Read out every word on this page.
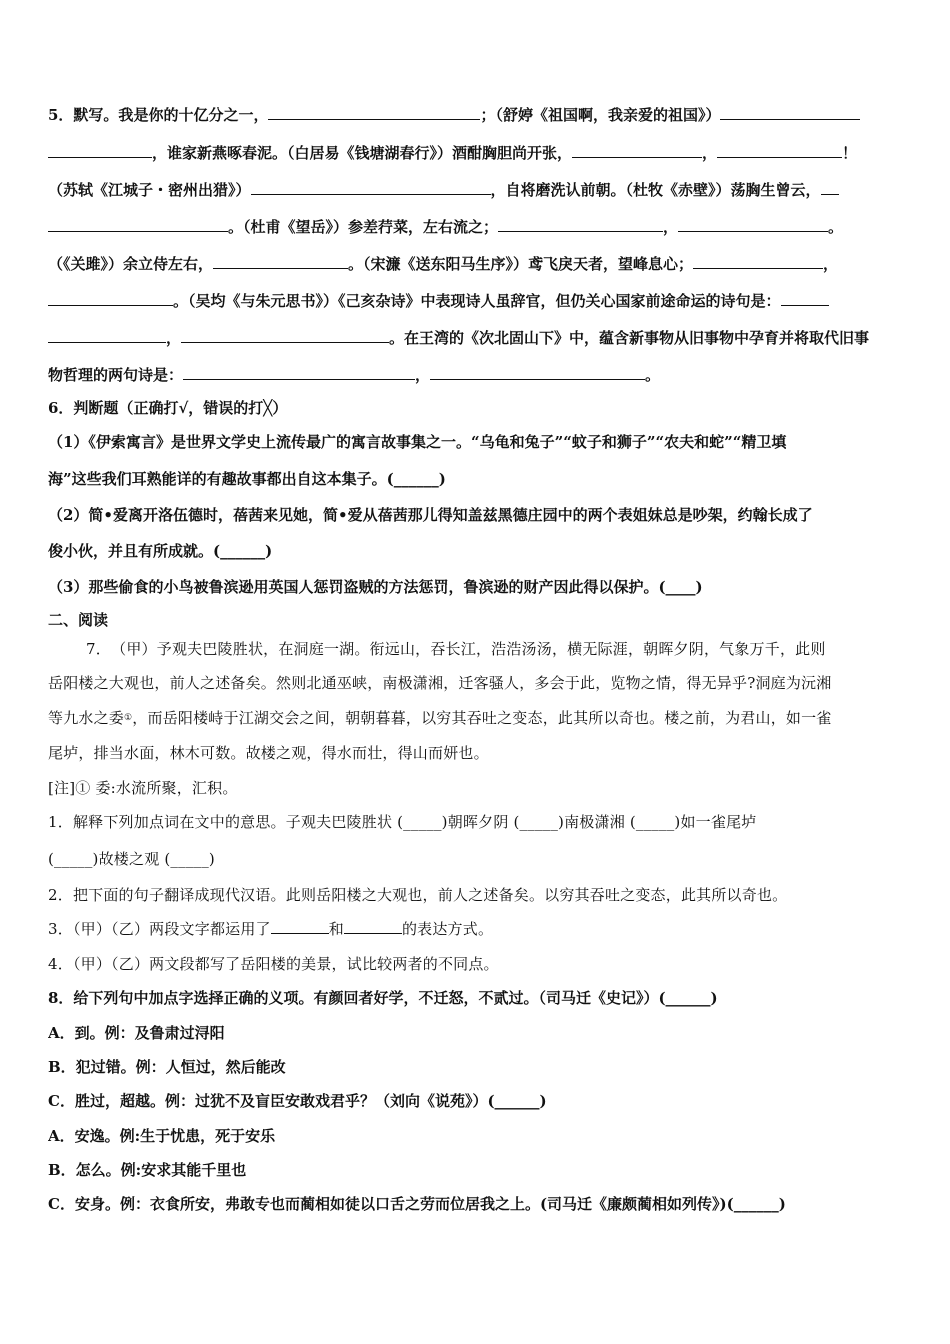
5．默写。我是你的十亿分之一，	；（舒婷《祖国啊，我亲爱的祖国》）
，谁家新燕啄春泥。（白居易《钱塘湖春行》）酒酣胸胆尚开张，	，	！
（苏轼《江城子・密州出猎》）	，自将磨洗认前朝。（杜牧《赤壁》）荡胸生曾云，
。（杜甫《望岳》）参差荇菜，左右流之；	，	。
（《关雎》）余立侍左右，	。（宋濂《送东阳马生序》）鸢飞戾天者，望峰息心；	，
。（吴均《与朱元思书》）《己亥杂诗》中表现诗人虽辞官，但仍关心国家前途命运的诗句是：
，	。在王湾的《次北固山下》中，蕴含新事物从旧事物中孕育并将取代旧事
物哲理的两句诗是：	，	。
6．判断题（正确打√，错误的打╳）
（1）《伊索寓言》是世界文学史上流传最广的寓言故事集之一。“乌龟和兔子”“蚊子和狮子”“农夫和蛇”“精卫填
海”这些我们耳熟能详的有趣故事都出自这本集子。(______)
（2）简•爱离开洛伍德时，蓓茜来见她，简•爱从蓓茜那儿得知盖兹黑德庄园中的两个表姐妹总是吵架，约翰长成了
俊小伙，并且有所成就。(______)
（3）那些偷食的小鸟被鲁滨逊用英国人惩罚盗贼的方法惩罚，鲁滨逊的财产因此得以保护。(____)
二、阅读
7．　（甲）予观夫巴陵胜状，在洞庭一湖。衔远山，吞长江，浩浩汤汤，横无际涯，朝晖夕阴，气象万千，此则
岳阳楼之大观也，前人之述备矣。然则北通巫峡，南极潇湘，迁客骚人，多会于此，览物之情，得无异乎?洞庭为沅湘
等九水之委①，而岳阳楼峙于江湖交会之间，朝朝暮暮，以穷其吞吐之变态，此其所以奇也。楼之前，为君山，如一雀
尾垆，排当水面，林木可数。故楼之观，得水而壮，得山而妍也。
[注]① 委:水流所聚，汇积。
1．解释下列加点词在文中的意思。子观夫巴陵胜状 (_____)朝晖夕阴 (_____)南极潇湘 (_____)如一雀尾垆
(_____)故楼之观 (_____)
2．把下面的句子翻译成现代汉语。此则岳阳楼之大观也，前人之述备矣。以穷其吞吐之变态，此其所以奇也。
3．（甲）（乙）两段文字都运用了	和	的表达方式。
4．（甲）（乙）两文段都写了岳阳楼的美景，试比较两者的不同点。
8．给下列句中加点字选择正确的义项。有颜回者好学，不迁怒，不贰过。（司马迁《史记》）(______)
A．到。例：及鲁肃过浔阳
B．犯过错。例：人恒过，然后能改
C．胜过，超越。例：过犹不及盲臣安敢戏君乎？（刘向《说苑》）(______)
A．安逸。例:生于忧患，死于安乐
B．怎么。例:安求其能千里也
C．安身。例：衣食所安，弗敢专也而蔺相如徒以口舌之劳而位居我之上。(司马迁《廉颇蔺相如列传》)(______)
